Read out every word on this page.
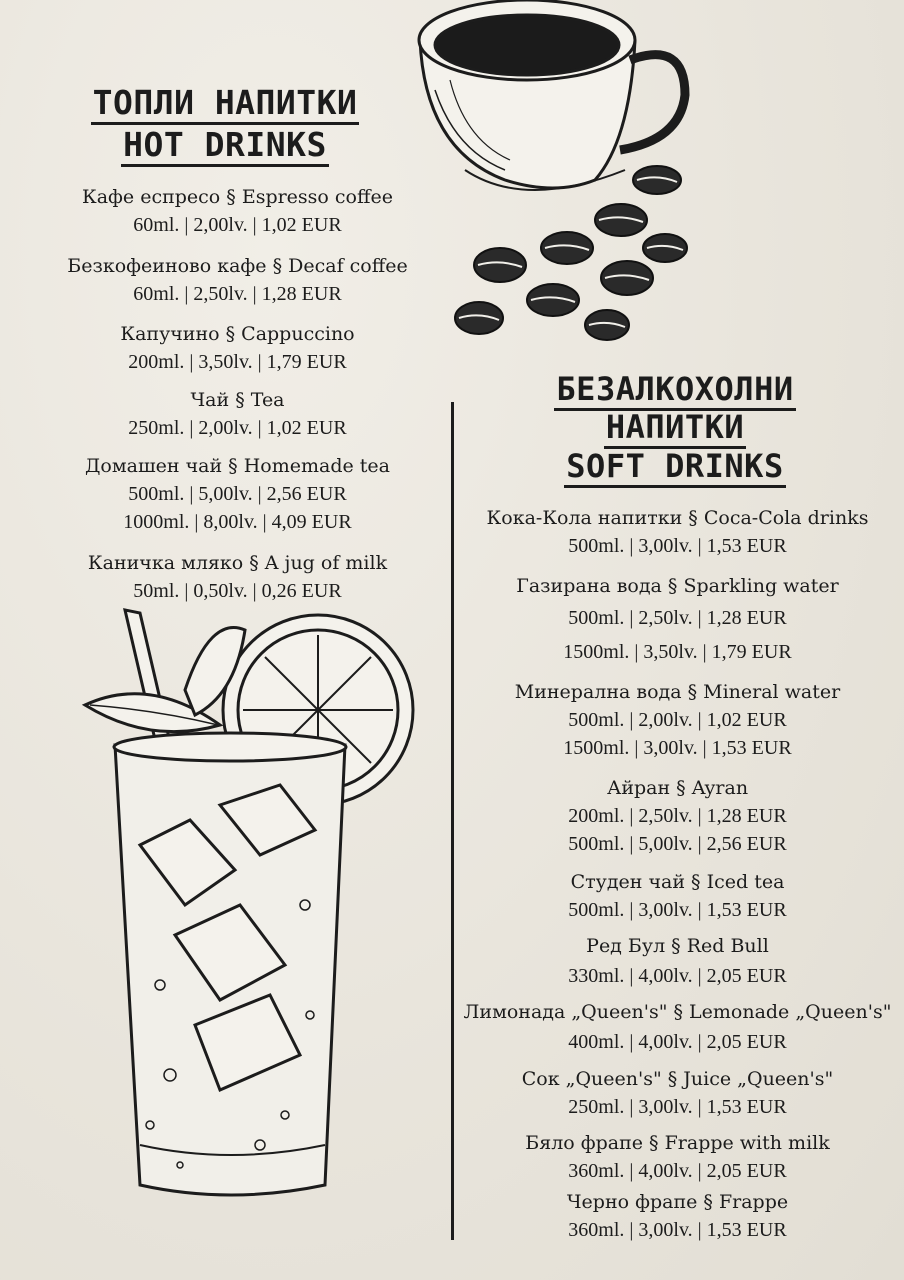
ТОПЛИ НАПИТКИ
HOT DRINKS
Кафе еспресо § Espresso coffee
60ml. | 2,00lv. | 1,02 EUR
Безкофеиново кафе § Decaf coffee
60ml. | 2,50lv. | 1,28 EUR
Капучино § Cappuccino
200ml. | 3,50lv. | 1,79 EUR
Чай § Tea
250ml. | 2,00lv. | 1,02 EUR
Домашен чай § Homemade tea
500ml. | 5,00lv. | 2,56 EUR
1000ml. | 8,00lv. | 4,09 EUR
Каничка мляко § A jug of milk
50ml. | 0,50lv. | 0,26 EUR
БЕЗАЛКОХОЛНИ
НАПИТКИ
SOFT DRINKS
Кока-Кола напитки § Coca-Cola drinks
500ml. | 3,00lv. | 1,53 EUR
Газирана вода § Sparkling water
500ml. | 2,50lv. | 1,28 EUR
1500ml. | 3,50lv. | 1,79 EUR
Минерална вода § Mineral water
500ml. | 2,00lv. | 1,02 EUR
1500ml. | 3,00lv. | 1,53 EUR
Айран § Ayran
200ml. | 2,50lv. | 1,28 EUR
500ml. | 5,00lv. | 2,56 EUR
Студен чай § Iced tea
500ml. | 3,00lv. | 1,53 EUR
Ред Бул § Red Bull
330ml. | 4,00lv. | 2,05 EUR
Лимонада „Queen's" § Lemonade „Queen's"
400ml. | 4,00lv. | 2,05 EUR
Сок „Queen's" § Juice „Queen's"
250ml. | 3,00lv. | 1,53 EUR
Бяло фрапе § Frappe with milk
360ml. | 4,00lv. | 2,05 EUR
Черно фрапе § Frappe
360ml. | 3,00lv. | 1,53 EUR
